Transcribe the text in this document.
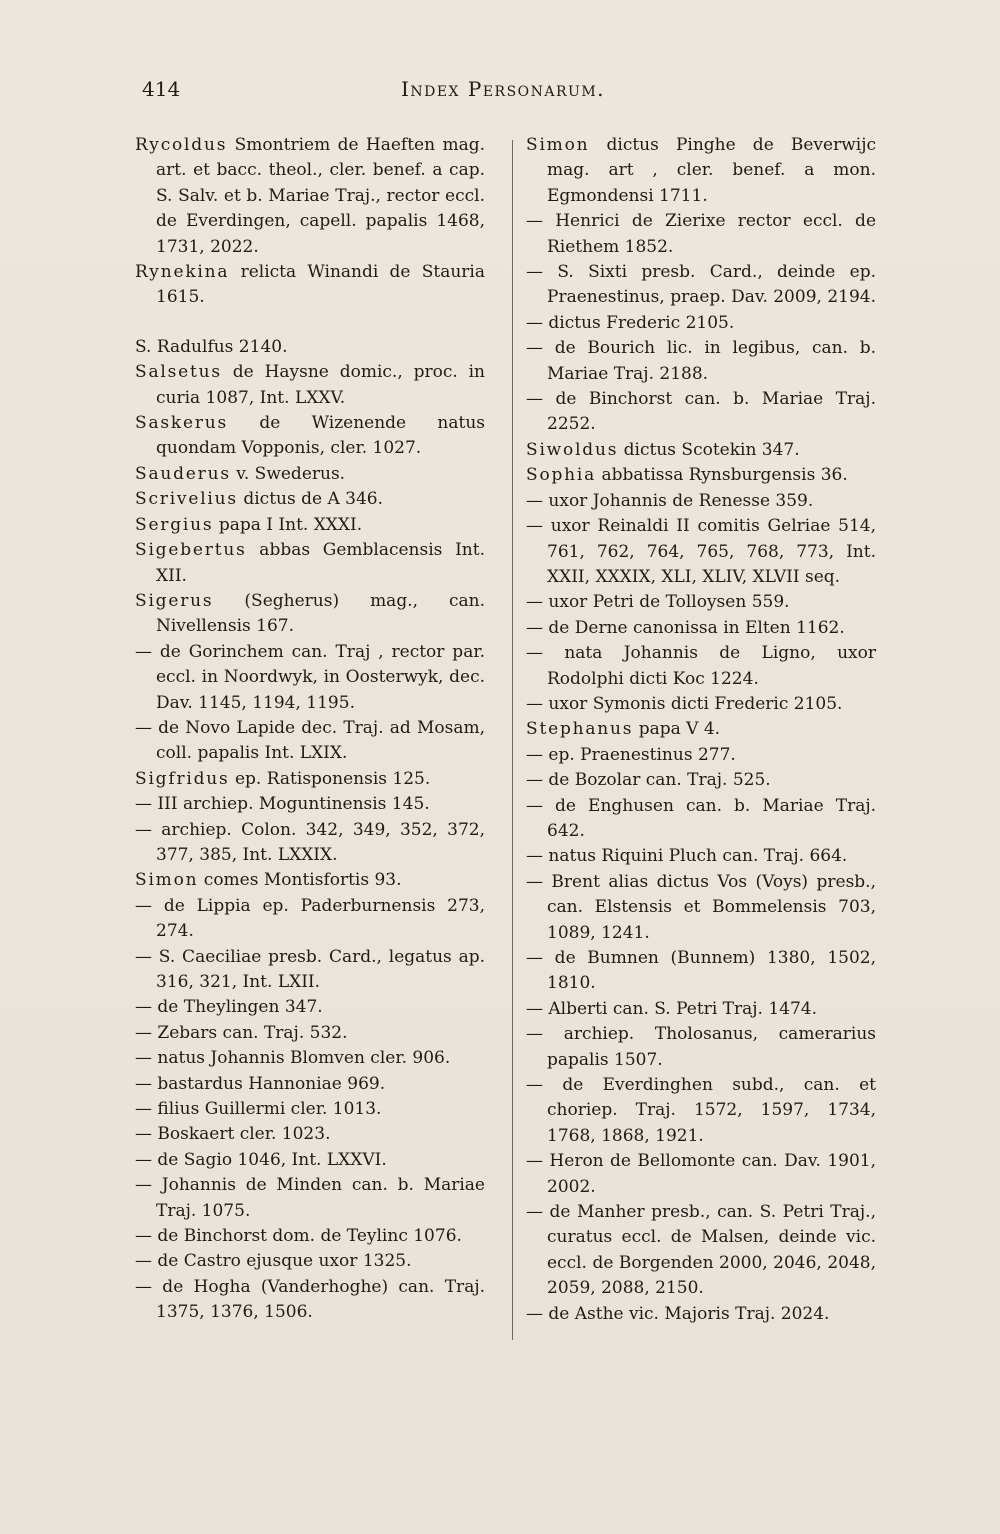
414	Index Personarum.
Rycoldus Smontriem de Haeften mag. art. et bacc. theol., cler. benef. a cap. S. Salv. et b. Mariae Traj., rector eccl. de Everdingen, capell. papalis 1468, 1731, 2022.
Rynekina relicta Winandi de Stauria 1615.
S. Radulfus 2140.
Salsetus de Haysne domic., proc. in curia 1087, Int. LXXV.
Saskerus de Wizenende natus quondam Vopponis, cler. 1027.
Sauderus v. Swederus.
Scrivelius dictus de A 346.
Sergius papa I Int. XXXI.
Sigebertus abbas Gemblacensis Int. XII.
Sigerus (Segherus) mag., can. Nivellensis 167.
— de Gorinchem can. Traj , rector par. eccl. in Noordwyk, in Oosterwyk, dec. Dav. 1145, 1194, 1195.
— de Novo Lapide dec. Traj. ad Mosam, coll. papalis Int. LXIX.
Sigfridus ep. Ratisponensis 125.
— III archiep. Moguntinensis 145.
— archiep. Colon. 342, 349, 352, 372, 377, 385, Int. LXXIX.
Simon comes Montisfortis 93.
— de Lippia ep. Paderburnensis 273, 274.
— S. Caeciliae presb. Card., legatus ap. 316, 321, Int. LXII.
— de Theylingen 347.
— Zebars can. Traj. 532.
— natus Johannis Blomven cler. 906.
— bastardus Hannoniae 969.
— filius Guillermi cler. 1013.
— Boskaert cler. 1023.
— de Sagio 1046, Int. LXXVI.
— Johannis de Minden can. b. Mariae Traj. 1075.
— de Binchorst dom. de Teylinc 1076.
— de Castro ejusque uxor 1325.
— de Hogha (Vanderhoghe) can. Traj. 1375, 1376, 1506.
Simon dictus Pinghe de Beverwijc mag. art , cler. benef. a mon. Egmondensi 1711.
— Henrici de Zierixe rector eccl. de Riethem 1852.
— S. Sixti presb. Card., deinde ep. Praenestinus, praep. Dav. 2009, 2194.
— dictus Frederic 2105.
— de Bourich lic. in legibus, can. b. Mariae Traj. 2188.
— de Binchorst can. b. Mariae Traj. 2252.
Siwoldus dictus Scotekin 347.
Sophia abbatissa Rynsburgensis 36.
— uxor Johannis de Renesse 359.
— uxor Reinaldi II comitis Gelriae 514, 761, 762, 764, 765, 768, 773, Int. XXII, XXXIX, XLI, XLIV, XLVII seq.
— uxor Petri de Tolloysen 559.
— de Derne canonissa in Elten 1162.
— nata Johannis de Ligno, uxor Rodolphi dicti Koc 1224.
— uxor Symonis dicti Frederic 2105.
Stephanus papa V 4.
— ep. Praenestinus 277.
— de Bozolar can. Traj. 525.
— de Enghusen can. b. Mariae Traj. 642.
— natus Riquini Pluch can. Traj. 664.
— Brent alias dictus Vos (Voys) presb., can. Elstensis et Bommelensis 703, 1089, 1241.
— de Bumnen (Bunnem) 1380, 1502, 1810.
— Alberti can. S. Petri Traj. 1474.
— archiep. Tholosanus, camerarius papalis 1507.
— de Everdinghen subd., can. et choriep. Traj. 1572, 1597, 1734, 1768, 1868, 1921.
— Heron de Bellomonte can. Dav. 1901, 2002.
— de Manher presb., can. S. Petri Traj., curatus eccl. de Malsen, deinde vic. eccl. de Borgenden 2000, 2046, 2048, 2059, 2088, 2150.
— de Asthe vic. Majoris Traj. 2024.
